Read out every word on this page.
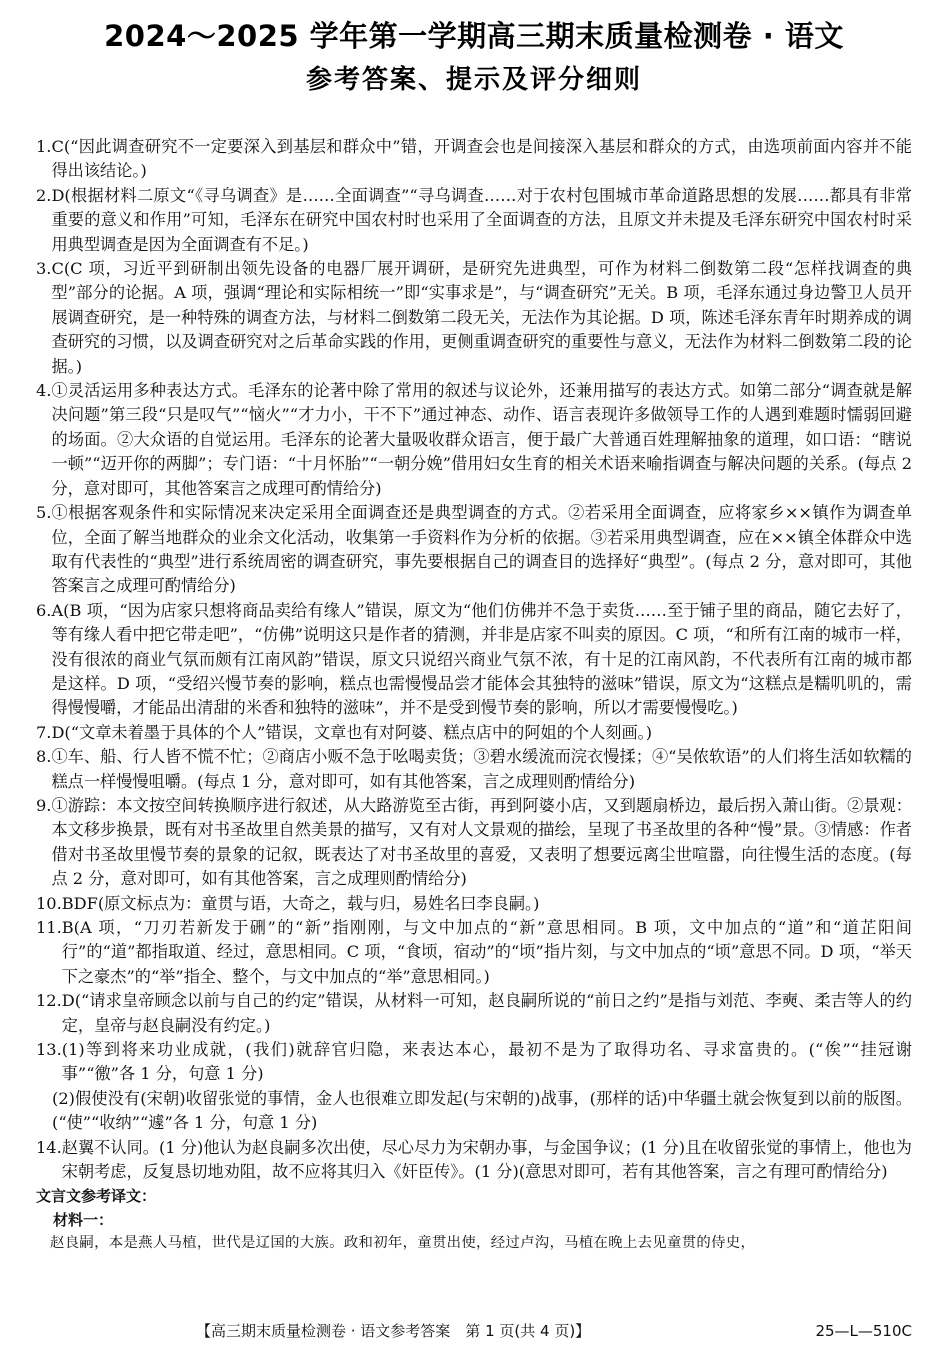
2024～2025 学年第一学期高三期末质量检测卷 · 语文
参考答案、提示及评分细则
1. C(“因此调查研究不一定要深入到基层和群众中”错，开调查会也是间接深入基层和群众的方式，由选项前面内容并不能得出该结论。)
2. D(根据材料二原文“《寻乌调查》是……全面调查”“寻乌调查……对于农村包围城市革命道路思想的发展……都具有非常重要的意义和作用”可知，毛泽东在研究中国农村时也采用了全面调查的方法，且原文并未提及毛泽东研究中国农村时采用典型调查是因为全面调查有不足。)
3. C(C 项，习近平到研制出领先设备的电器厂展开调研，是研究先进典型，可作为材料二倒数第二段“怎样找调查的典型”部分的论据。A 项，强调“理论和实际相统一”即“实事求是”，与“调查研究”无关。B 项，毛泽东通过身边警卫人员开展调查研究，是一种特殊的调查方法，与材料二倒数第二段无关，无法作为其论据。D 项，陈述毛泽东青年时期养成的调查研究的习惯，以及调查研究对之后革命实践的作用，更侧重调查研究的重要性与意义，无法作为材料二倒数第二段的论据。)
4. ①灵活运用多种表达方式。毛泽东的论著中除了常用的叙述与议论外，还兼用描写的表达方式。如第二部分“调查就是解决问题”第三段“只是叹气”“恼火”“才力小，干不下”通过神态、动作、语言表现许多做领导工作的人遇到难题时懦弱回避的场面。②大众语的自觉运用。毛泽东的论著大量吸收群众语言，便于最广大普通百姓理解抽象的道理，如口语：“瞎说一顿”“迈开你的两脚”；专门语：“十月怀胎”“一朝分娩”借用妇女生育的相关术语来喻指调查与解决问题的关系。(每点 2 分，意对即可，其他答案言之成理可酌情给分)
5. ①根据客观条件和实际情况来决定采用全面调查还是典型调查的方式。②若采用全面调查，应将家乡××镇作为调查单位，全面了解当地群众的业余文化活动，收集第一手资料作为分析的依据。③若采用典型调查，应在××镇全体群众中选取有代表性的“典型”进行系统周密的调查研究，事先要根据自己的调查目的选择好“典型”。(每点 2 分，意对即可，其他答案言之成理可酌情给分)
6. A(B 项，“因为店家只想将商品卖给有缘人”错误，原文为“他们仿佛并不急于卖货……至于铺子里的商品，随它去好了，等有缘人看中把它带走吧”，“仿佛”说明这只是作者的猜测，并非是店家不叫卖的原因。C 项，“和所有江南的城市一样，没有很浓的商业气氛而颇有江南风韵”错误，原文只说绍兴商业气氛不浓，有十足的江南风韵，不代表所有江南的城市都是这样。D 项，“受绍兴慢节奏的影响，糕点也需慢慢品尝才能体会其独特的滋味”错误，原文为“这糕点是糯叽叽的，需得慢慢嚼，才能品出清甜的米香和独特的滋味”，并不是受到慢节奏的影响，所以才需要慢慢吃。)
7. D(“文章未着墨于具体的个人”错误，文章也有对阿婆、糕点店中的阿姐的个人刻画。)
8. ①车、船、行人皆不慌不忙；②商店小贩不急于吆喝卖货；③碧水缓流而浣衣慢揉；④“吴侬软语”的人们将生活如软糯的糕点一样慢慢咀嚼。(每点 1 分，意对即可，如有其他答案，言之成理则酌情给分)
9. ①游踪：本文按空间转换顺序进行叙述，从大路游览至古街，再到阿婆小店，又到题扇桥边，最后拐入萧山街。②景观：本文移步换景，既有对书圣故里自然美景的描写，又有对人文景观的描绘，呈现了书圣故里的各种“慢”景。③情感：作者借对书圣故里慢节奏的景象的记叙，既表达了对书圣故里的喜爱，又表明了想要远离尘世喧嚣，向往慢生活的态度。(每点 2 分，意对即可，如有其他答案，言之成理则酌情给分)
10. BDF(原文标点为：童贯与语，大奇之，载与归，易姓名曰李良嗣。)
11. B(A 项，“刀刃若新发于硎”的“新”指刚刚，与文中加点的“新”意思相同。B 项，文中加点的“道”和“道芷阳间行”的“道”都指取道、经过，意思相同。C 项，“食顷，宿动”的“顷”指片刻，与文中加点的“顷”意思不同。D 项，“举天下之豪杰”的“举”指全、整个，与文中加点的“举”意思相同。)
12. D(“请求皇帝顾念以前与自己的约定”错误，从材料一可知，赵良嗣所说的“前日之约”是指与刘范、李奭、柔吉等人的约定，皇帝与赵良嗣没有约定。)
13. (1)等到将来功业成就，(我们)就辞官归隐，来表达本心，最初不是为了取得功名、寻求富贵的。(“俟”“挂冠谢事”“徼”各 1 分，句意 1 分)
(2)假使没有(宋朝)收留张觉的事情，金人也很难立即发起(与宋朝的)战事，(那样的话)中华疆土就会恢复到以前的版图。(“使”“收纳”“遽”各 1 分，句意 1 分)
14. 赵翼不认同。(1 分)他认为赵良嗣多次出使，尽心尽力为宋朝办事，与金国争议；(1 分)且在收留张觉的事情上，他也为宋朝考虑，反复恳切地劝阻，故不应将其归入《奸臣传》。(1 分)(意思对即可，若有其他答案，言之有理可酌情给分)
文言文参考译文：
材料一：
赵良嗣，本是燕人马植，世代是辽国的大族。政和初年，童贯出使，经过卢沟，马植在晚上去见童贯的侍史，
【高三期末质量检测卷 · 语文参考答案　第 1 页(共 4 页)】	25—L—510C
